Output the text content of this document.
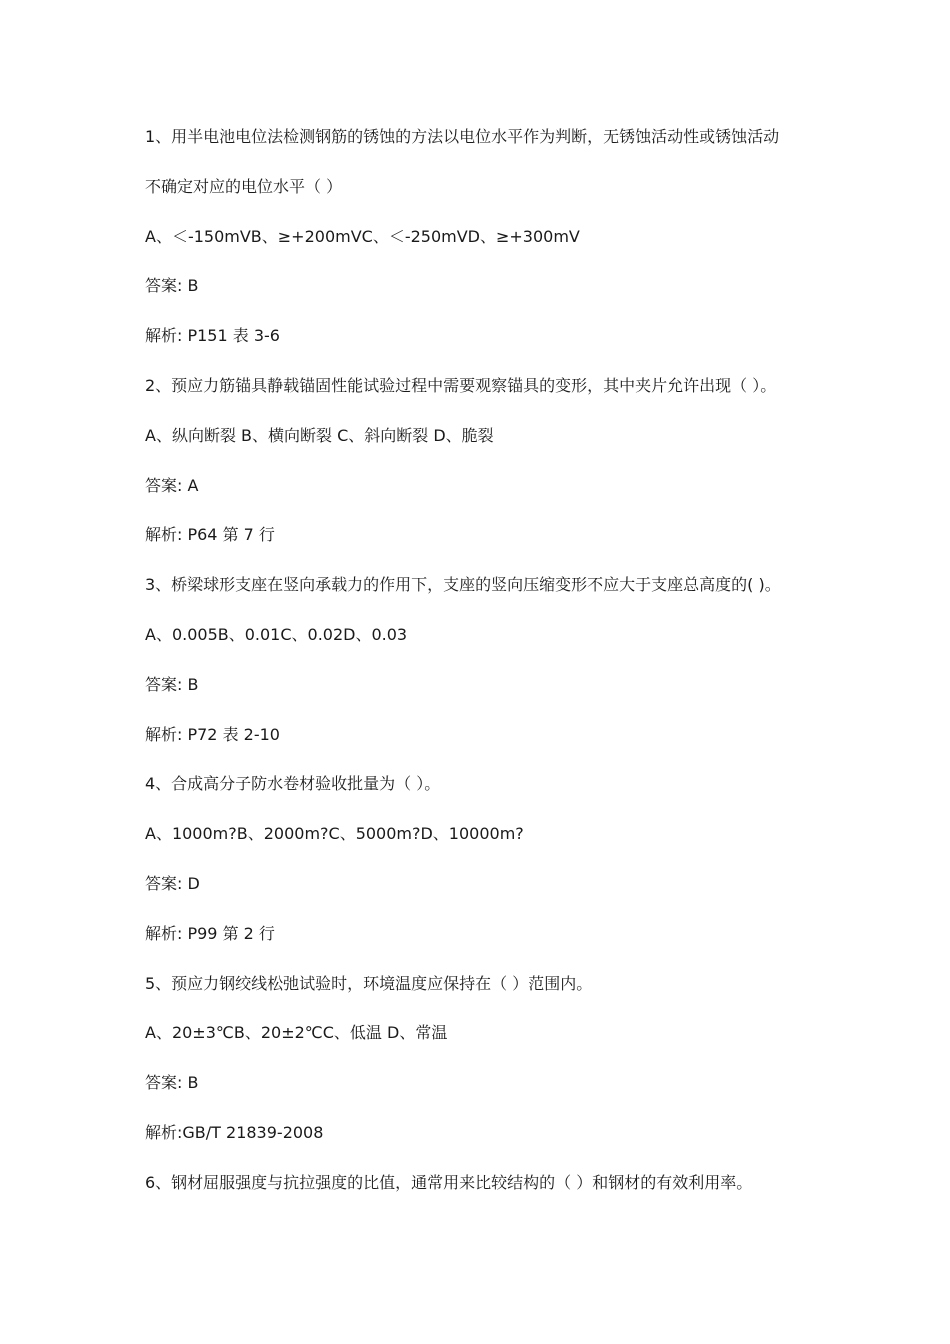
1、用半电池电位法检测钢筋的锈蚀的方法以电位水平作为判断，无锈蚀活动性或锈蚀活动
不确定对应的电位水平（ ）
A、＜-150mVB、≥+200mVC、＜-250mVD、≥+300mV
答案: B
解析: P151 表 3-6
2、预应力筋锚具静载锚固性能试验过程中需要观察锚具的变形，其中夹片允许出现（ ）。
A、纵向断裂 B、横向断裂 C、斜向断裂 D、脆裂
答案: A
解析: P64 第 7 行
3、桥梁球形支座在竖向承载力的作用下，支座的竖向压缩变形不应大于支座总高度的( )。
A、0.005B、0.01C、0.02D、0.03
答案: B
解析: P72 表 2-10
4、合成高分子防水卷材验收批量为（ ）。
A、1000m?B、2000m?C、5000m?D、10000m?
答案: D
解析: P99 第 2 行
5、预应力钢绞线松弛试验时，环境温度应保持在（ ）范围内。
A、20±3℃B、20±2℃C、低温 D、常温
答案: B
解析:GB/T 21839-2008
6、钢材屈服强度与抗拉强度的比值，通常用来比较结构的（ ）和钢材的有效利用率。
